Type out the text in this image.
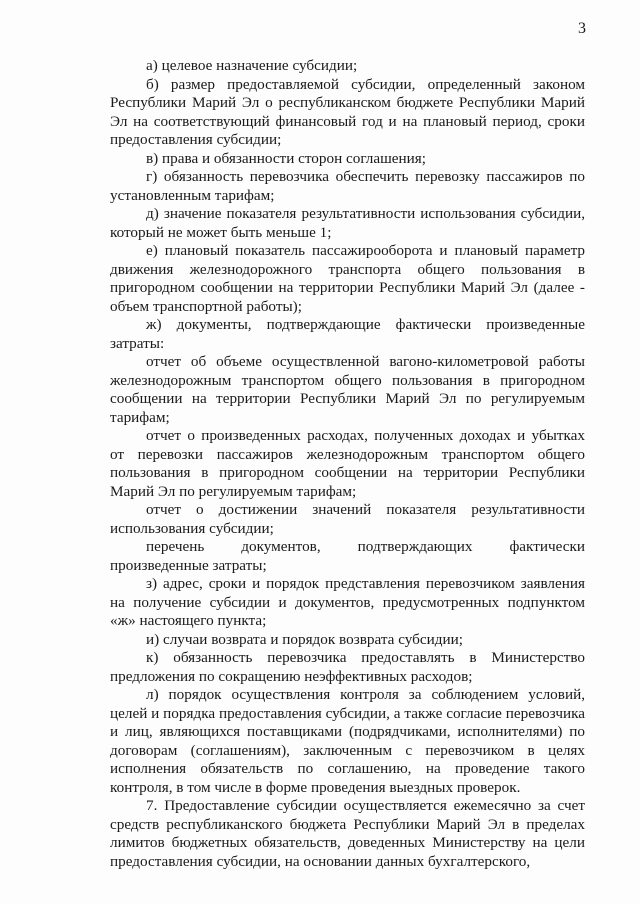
3

а) целевое назначение субсидии;

б) размер предоставляемой субсидии, определенный законом Республики Марий Эл о республиканском бюджете Республики Марий Эл на соответствующий финансовый год и на плановый период, сроки предоставления субсидии;

в) права и обязанности сторон соглашения;

г) обязанность перевозчика обеспечить перевозку пассажиров по установленным тарифам;

д) значение показателя результативности использования субсидии, который не может быть меньше 1;

е) плановый показатель пассажирооборота и плановый параметр движения железнодорожного транспорта общего пользования в пригородном сообщении на территории Республики Марий Эл (далее - объем транспортной работы);

ж) документы, подтверждающие фактически произведенные затраты:

отчет об объеме осуществленной вагоно-километровой работы железнодорожным транспортом общего пользования в пригородном сообщении на территории Республики Марий Эл по регулируемым тарифам;

отчет о произведенных расходах, полученных доходах и убытках от перевозки пассажиров железнодорожным транспортом общего пользования в пригородном сообщении на территории Республики Марий Эл по регулируемым тарифам;

отчет о достижении значений показателя результативности использования субсидии;

перечень документов, подтверждающих фактически произведенные затраты;

з) адрес, сроки и порядок представления перевозчиком заявления на получение субсидии и документов, предусмотренных подпунктом «ж» настоящего пункта;

и) случаи возврата и порядок возврата субсидии;

к) обязанность перевозчика предоставлять в Министерство предложения по сокращению неэффективных расходов;

л) порядок осуществления контроля за соблюдением условий, целей и порядка предоставления субсидии, а также согласие перевозчика и лиц, являющихся поставщиками (подрядчиками, исполнителями) по договорам (соглашениям), заключенным с перевозчиком в целях исполнения обязательств по соглашению, на проведение такого контроля, в том числе в форме проведения выездных проверок.

7. Предоставление субсидии осуществляется ежемесячно за счет средств республиканского бюджета Республики Марий Эл в пределах лимитов бюджетных обязательств, доведенных Министерству на цели предоставления субсидии, на основании данных бухгалтерского,
